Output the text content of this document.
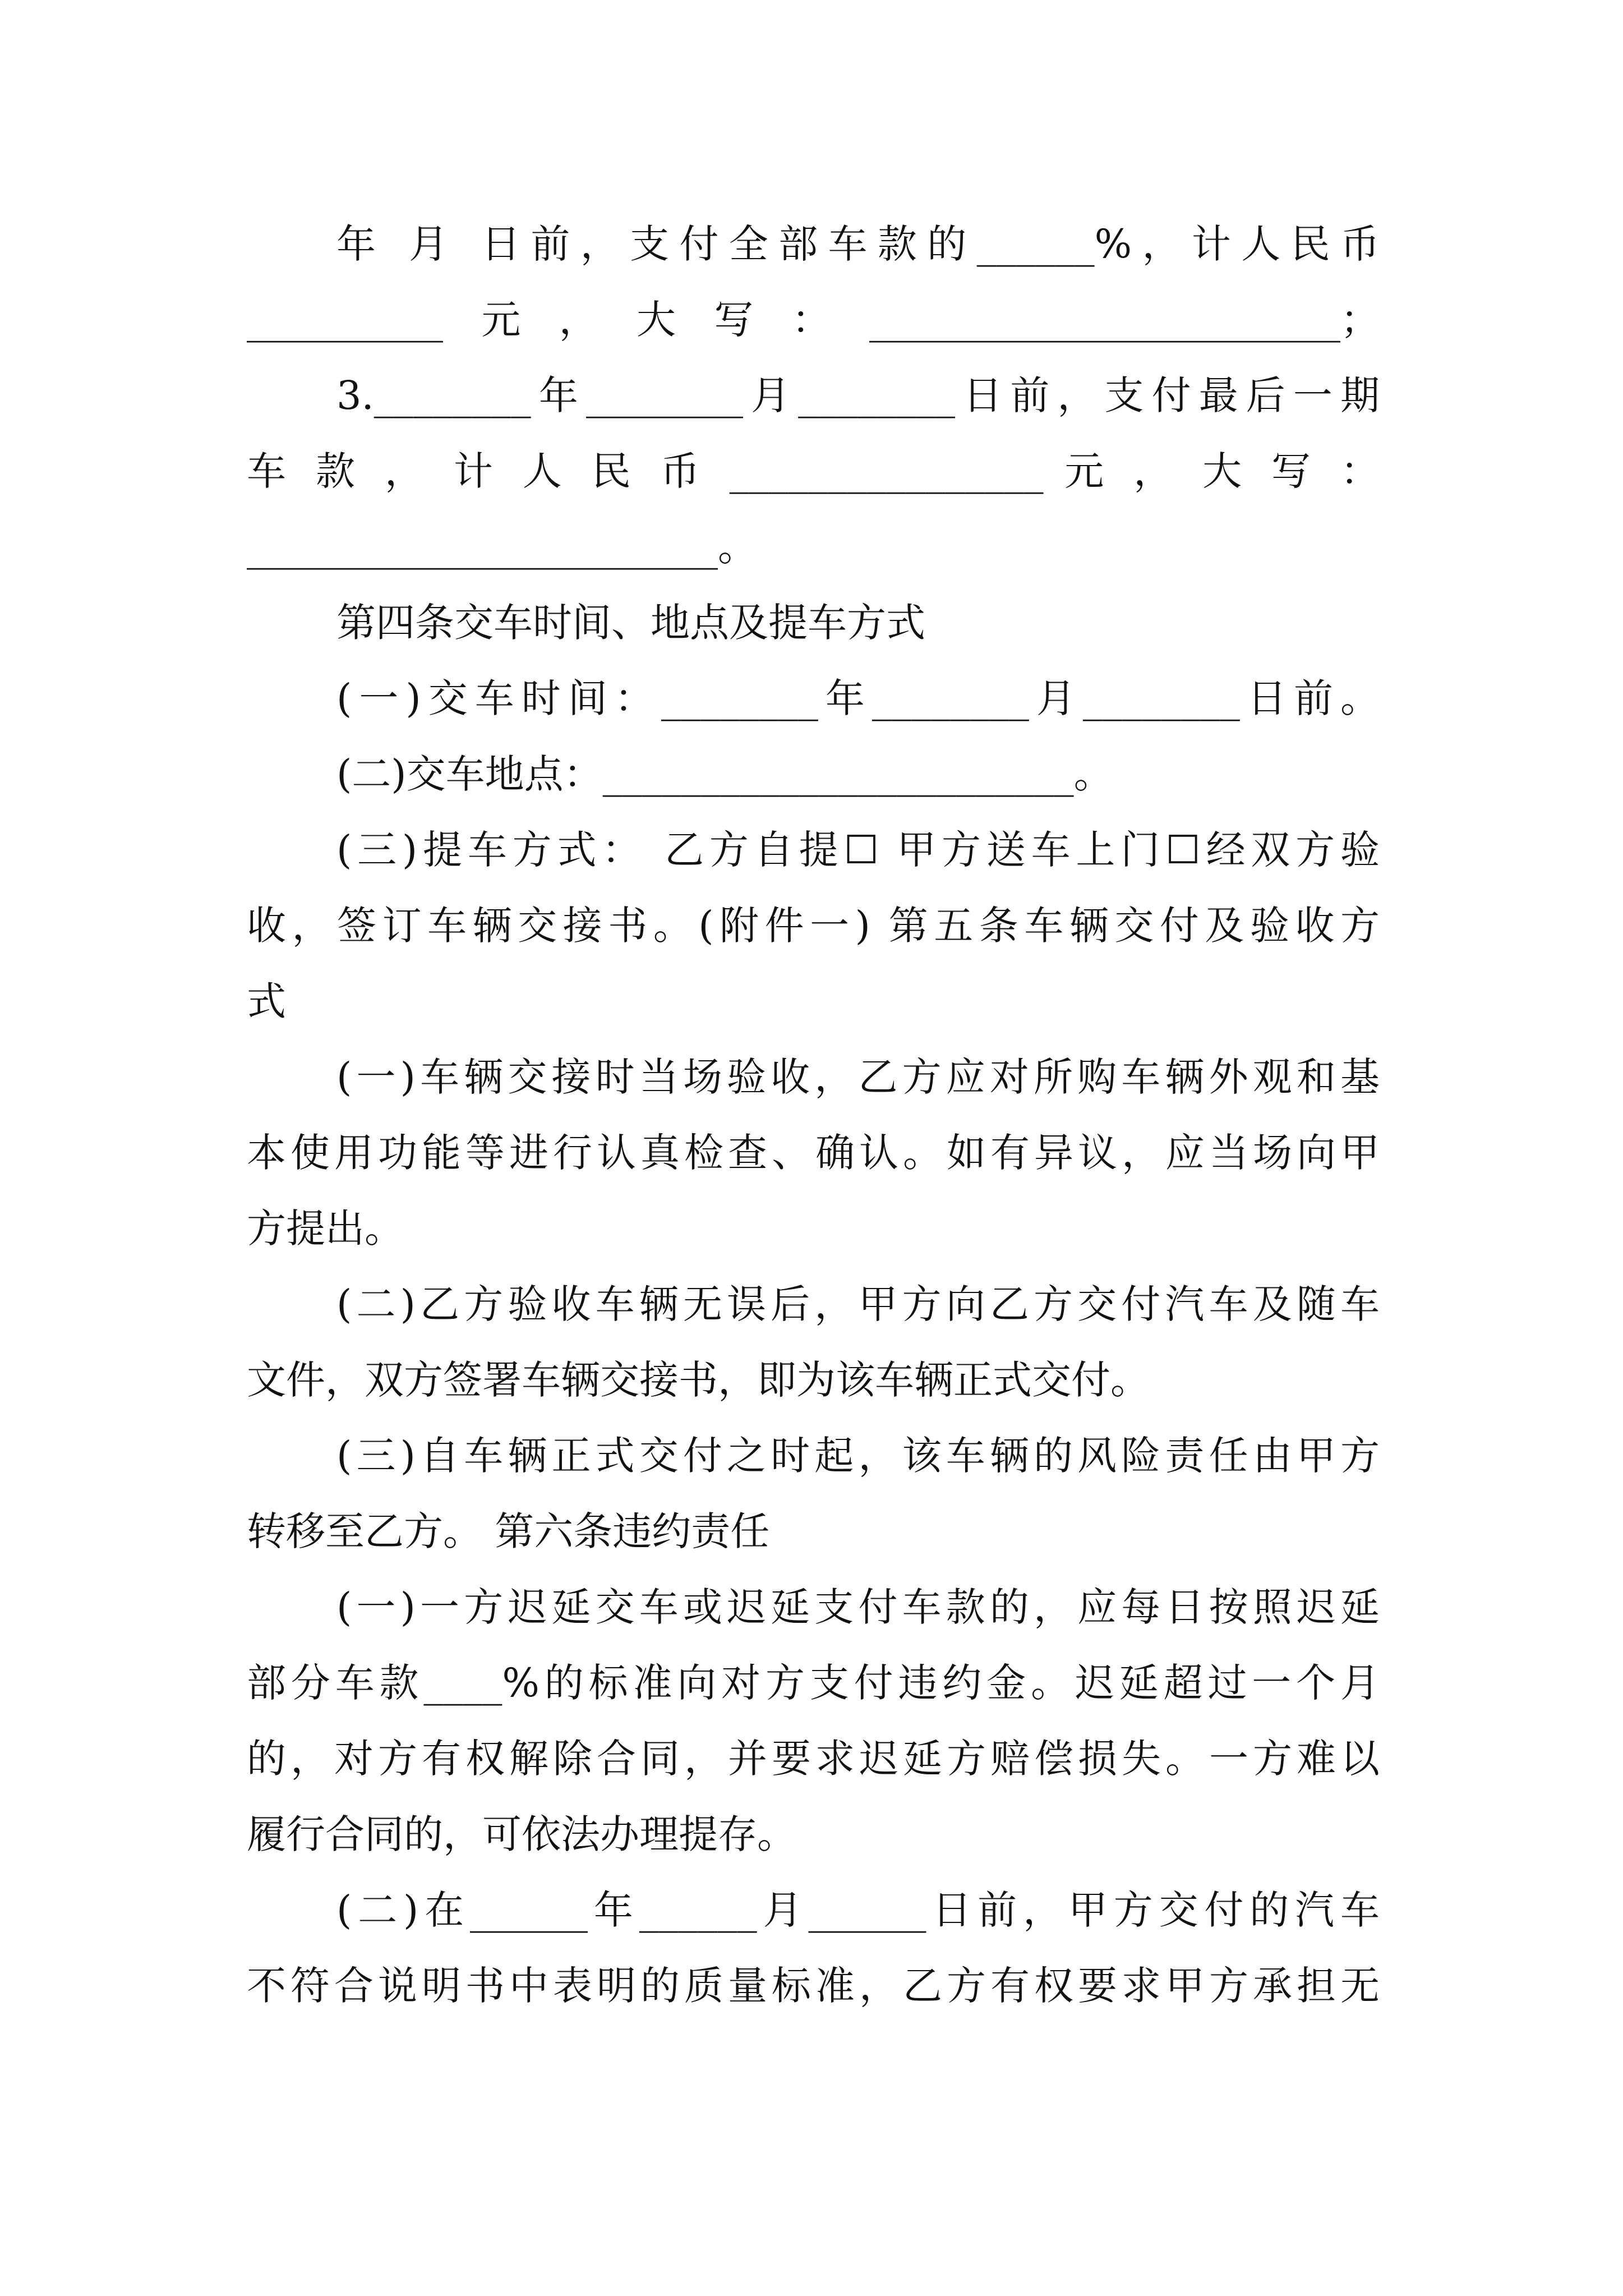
年 月 日前，支付全部车款的______%，计人民币
__________元，大写：________________________；
3.________年________月________日前，支付最后一期
车 款 ， 计 人 民 币 ________________ 元 ， 大 写 ：
________________________。
第四条交车时间、地点及提车方式
(一)交车时间：________年________月________日前。
(二)交车地点：________________________。
(三)提车方式： 乙方自提☐ 甲方送车上门☐经双方验
收，签订车辆交接书。(附件一) 第五条车辆交付及验收方
式
(一)车辆交接时当场验收，乙方应对所购车辆外观和基
本使用功能等进行认真检查、确认。如有异议，应当场向甲
方提出。
(二)乙方验收车辆无误后，甲方向乙方交付汽车及随车
文件，双方签署车辆交接书，即为该车辆正式交付。
(三)自车辆正式交付之时起，该车辆的风险责任由甲方
转移至乙方。 第六条违约责任
(一)一方迟延交车或迟延支付车款的，应每日按照迟延
部分车款____%的标准向对方支付违约金。迟延超过一个月
的，对方有权解除合同，并要求迟延方赔偿损失。一方难以
履行合同的，可依法办理提存。
(二)在______年______月______日前，甲方交付的汽车
不符合说明书中表明的质量标准，乙方有权要求甲方承担无
